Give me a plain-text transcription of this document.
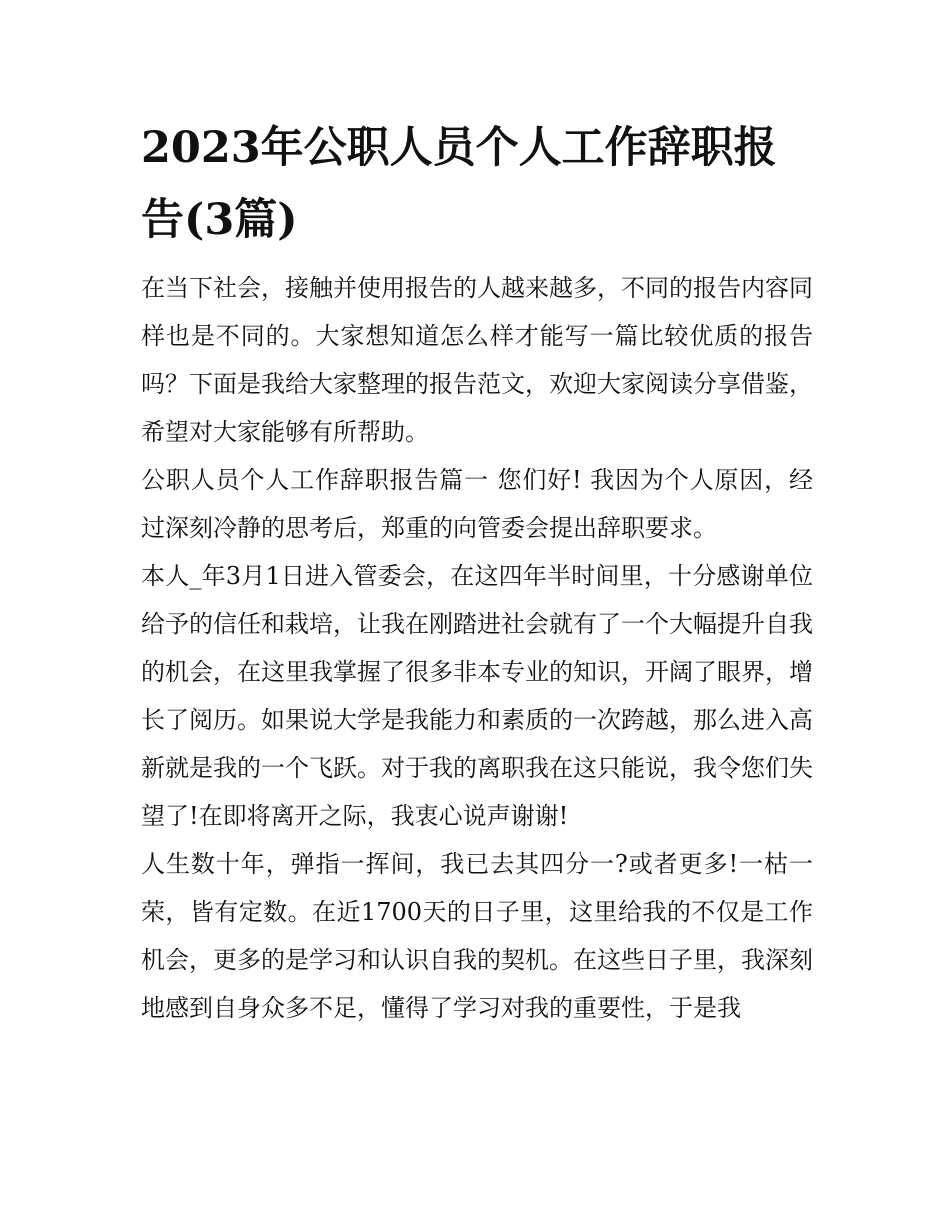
2023年公职人员个人工作辞职报告(3篇)

在当下社会，接触并使用报告的人越来越多，不同的报告内容同样也是不同的。大家想知道怎么样才能写一篇比较优质的报告吗？下面是我给大家整理的报告范文，欢迎大家阅读分享借鉴，希望对大家能够有所帮助。

公职人员个人工作辞职报告篇一 您们好! 我因为个人原因，经过深刻冷静的思考后，郑重的向管委会提出辞职要求。

本人_年3月1日进入管委会，在这四年半时间里，十分感谢单位给予的信任和栽培，让我在刚踏进社会就有了一个大幅提升自我的机会，在这里我掌握了很多非本专业的知识，开阔了眼界，增长了阅历。如果说大学是我能力和素质的一次跨越，那么进入高新就是我的一个飞跃。对于我的离职我在这只能说，我令您们失望了!在即将离开之际，我衷心说声谢谢!

人生数十年，弹指一挥间，我已去其四分一?或者更多!一枯一荣，皆有定数。在近1700天的日子里，这里给我的不仅是工作机会，更多的是学习和认识自我的契机。在这些日子里，我深刻地感到自身众多不足，懂得了学习对我的重要性，于是我
